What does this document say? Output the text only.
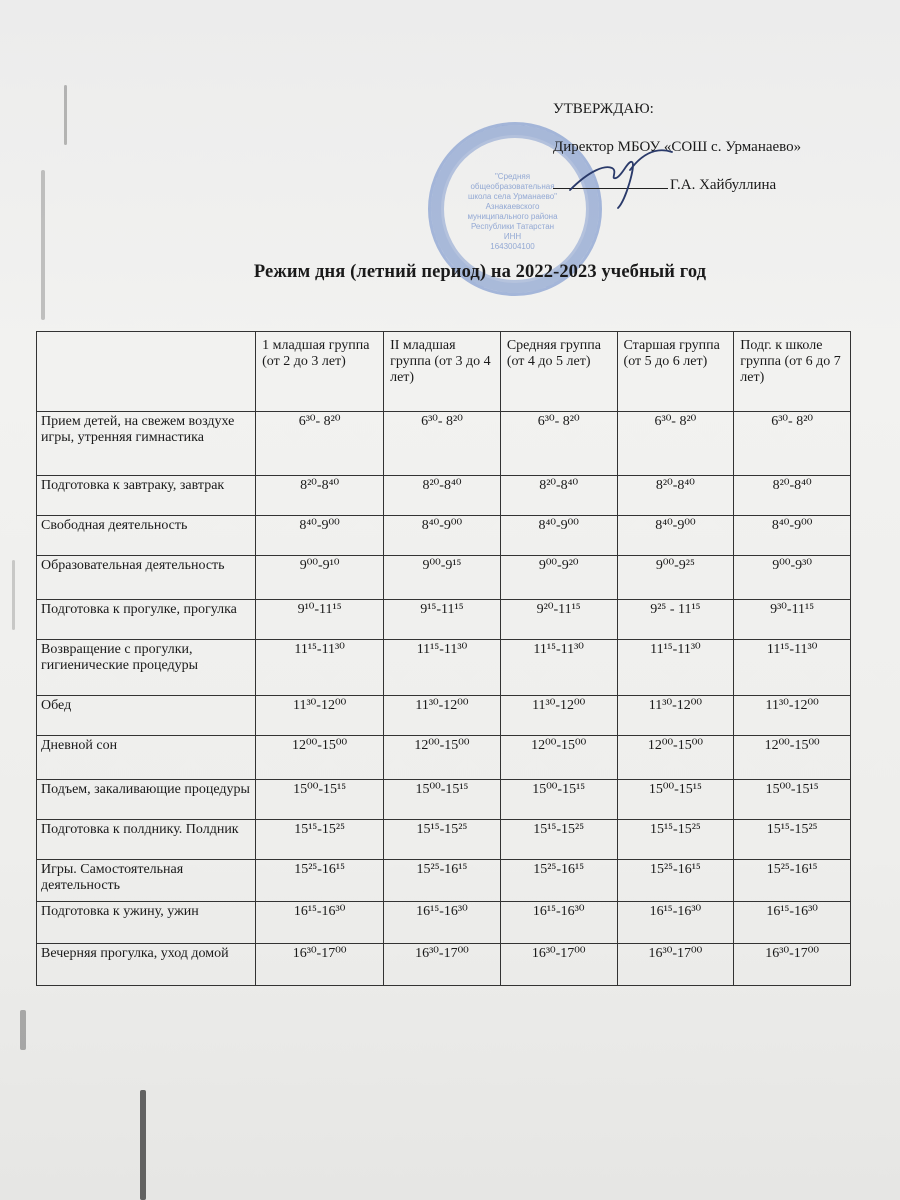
"Средняя
общеобразовательная
школа села Урманаево"
Азнакаевского
муниципального района
Республики Татарстан
ИНН
1643004100
УТВЕРЖДАЮ:
Директор МБОУ «СОШ с. Урманаево»
Г.А. Хайбуллина
Режим дня (летний период) на 2022-2023 учебный год
	1 младшая группа (от 2 до 3 лет)	II младшая группа (от 3 до 4 лет)	Средняя группа (от 4 до 5 лет)	Старшая группа (от 5 до 6 лет)	Подг. к школе группа (от 6 до 7 лет)
Прием детей, на свежем воздухе игры, утренняя гимнастика	6³⁰- 8²⁰	6³⁰- 8²⁰	6³⁰- 8²⁰	6³⁰- 8²⁰	6³⁰- 8²⁰
Подготовка к завтраку, завтрак	8²⁰-8⁴⁰	8²⁰-8⁴⁰	8²⁰-8⁴⁰	8²⁰-8⁴⁰	8²⁰-8⁴⁰
Свободная деятельность	8⁴⁰-9⁰⁰	8⁴⁰-9⁰⁰	8⁴⁰-9⁰⁰	8⁴⁰-9⁰⁰	8⁴⁰-9⁰⁰
Образовательная деятельность	9⁰⁰-9¹⁰	9⁰⁰-9¹⁵	9⁰⁰-9²⁰	9⁰⁰-9²⁵	9⁰⁰-9³⁰
Подготовка к прогулке, прогулка	9¹⁰-11¹⁵	9¹⁵-11¹⁵	9²⁰-11¹⁵	9²⁵ - 11¹⁵	9³⁰-11¹⁵
Возвращение с прогулки, гигиенические процедуры	11¹⁵-11³⁰	11¹⁵-11³⁰	11¹⁵-11³⁰	11¹⁵-11³⁰	11¹⁵-11³⁰
Обед	11³⁰-12⁰⁰	11³⁰-12⁰⁰	11³⁰-12⁰⁰	11³⁰-12⁰⁰	11³⁰-12⁰⁰
Дневной сон	12⁰⁰-15⁰⁰	12⁰⁰-15⁰⁰	12⁰⁰-15⁰⁰	12⁰⁰-15⁰⁰	12⁰⁰-15⁰⁰
Подъем, закаливающие процедуры	15⁰⁰-15¹⁵	15⁰⁰-15¹⁵	15⁰⁰-15¹⁵	15⁰⁰-15¹⁵	15⁰⁰-15¹⁵
Подготовка к полднику. Полдник	15¹⁵-15²⁵	15¹⁵-15²⁵	15¹⁵-15²⁵	15¹⁵-15²⁵	15¹⁵-15²⁵
Игры. Самостоятельная деятельность	15²⁵-16¹⁵	15²⁵-16¹⁵	15²⁵-16¹⁵	15²⁵-16¹⁵	15²⁵-16¹⁵
Подготовка к ужину, ужин	16¹⁵-16³⁰	16¹⁵-16³⁰	16¹⁵-16³⁰	16¹⁵-16³⁰	16¹⁵-16³⁰
Вечерняя прогулка, уход домой	16³⁰-17⁰⁰	16³⁰-17⁰⁰	16³⁰-17⁰⁰	16³⁰-17⁰⁰	16³⁰-17⁰⁰
